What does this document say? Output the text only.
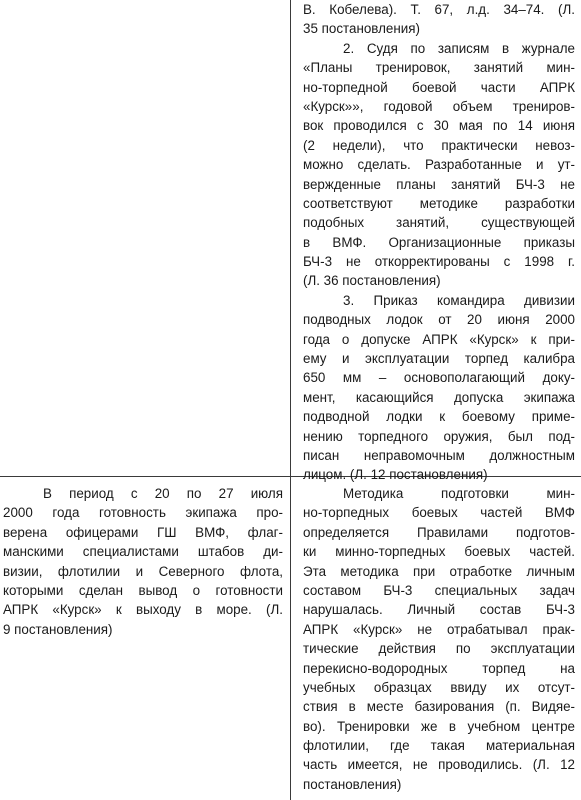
В. Кобелева). Т. 67, л.д. 34–74. (Л.
35 постановления)
2. Судя по записям в журнале
«Планы тренировок, занятий мин-
но-торпедной боевой части АПРК
«Курск»», годовой объем трениров-
вок проводился с 30 мая по 14 июня
(2 недели), что практически невоз-
можно сделать. Разработанные и ут-
вержденные планы занятий БЧ-3 не
соответствуют методике разработки
подобных занятий, существующей
в ВМФ. Организационные приказы
БЧ-3 не откорректированы с 1998 г.
(Л. 36 постановления)
3. Приказ командира дивизии
подводных лодок от 20 июня 2000
года о допуске АПРК «Курск» к при-
ему и эксплуатации торпед калибра
650 мм – основополагающий доку-
мент, касающийся допуска экипажа
подводной лодки к боевому приме-
нению торпедного оружия, был под-
писан неправомочным должностным
лицом. (Л. 12 постановления)
В период с 20 по 27 июля
2000 года готовность экипажа про-
верена офицерами ГШ ВМФ, флаг-
манскими специалистами штабов ди-
визии, флотилии и Северного флота,
которыми сделан вывод о готовности
АПРК «Курск» к выходу в море. (Л.
9 постановления)
Методика подготовки мин-
но-торпедных боевых частей ВМФ
определяется Правилами подготов-
ки минно-торпедных боевых частей.
Эта методика при отработке личным
составом БЧ-3 специальных задач
нарушалась. Личный состав БЧ-3
АПРК «Курск» не отрабатывал прак-
тические действия по эксплуатации
перекисно-водородных торпед на
учебных образцах ввиду их отсут-
ствия в месте базирования (п. Видяе-
во). Тренировки же в учебном центре
флотилии, где такая материальная
часть имеется, не проводились. (Л. 12
постановления)
